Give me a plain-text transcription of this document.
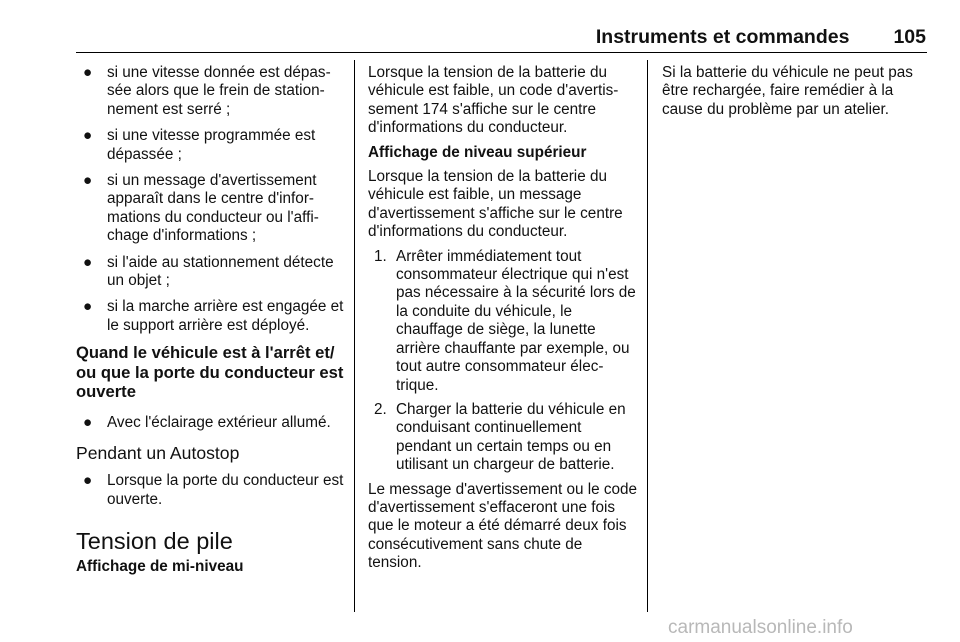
Instruments et commandes 105
● si une vitesse donnée est dépassée alors que le frein de stationnement est serré ;
● si une vitesse programmée est dépassée ;
● si un message d'avertissement apparaît dans le centre d'informations du conducteur ou l'affichage d'informations ;
● si l'aide au stationnement détecte un objet ;
● si la marche arrière est engagée et le support arrière est déployé.
Quand le véhicule est à l'arrêt et/ ou que la porte du conducteur est ouverte
● Avec l'éclairage extérieur allumé.
Pendant un Autostop
● Lorsque la porte du conducteur est ouverte.
Tension de pile
Affichage de mi-niveau

Lorsque la tension de la batterie du véhicule est faible, un code d'avertissement 174 s'affiche sur le centre d'informations du conducteur.

Affichage de niveau supérieur

Lorsque la tension de la batterie du véhicule est faible, un message d'avertissement s'affiche sur le centre d'informations du conducteur.

1. Arrêter immédiatement tout consommateur électrique qui n'est pas nécessaire à la sécurité lors de la conduite du véhicule, le chauffage de siège, la lunette arrière chauffante par exemple, ou tout autre consommateur électrique.
2. Charger la batterie du véhicule en conduisant continuellement pendant un certain temps ou en utilisant un chargeur de batterie.

Le message d'avertissement ou le code d'avertissement s'effaceront une fois que le moteur a été démarré deux fois consécutivement sans chute de tension.

Si la batterie du véhicule ne peut pas être rechargée, faire remédier à la cause du problème par un atelier.

carmanualsonline.info
